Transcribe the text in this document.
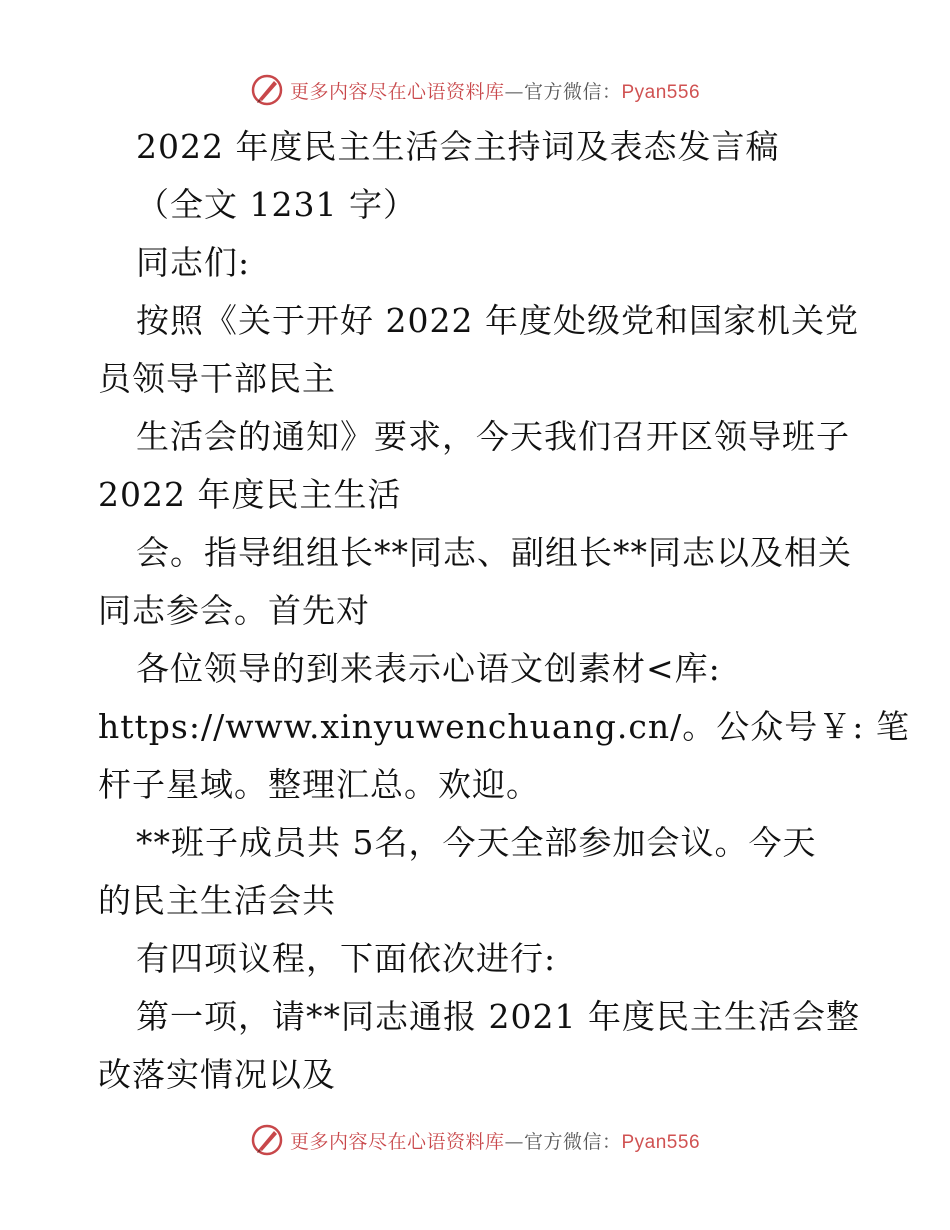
更多内容尽在心语资料库—官方微信：Pyan556
2022 年度民主生活会主持词及表态发言稿
（全文 1231 字）
同志们:
按照《关于开好 2022 年度处级党和国家机关党
员领导干部民主
生活会的通知》要求，今天我们召开区领导班子
2022 年度民主生活
会。指导组组长**同志、副组长**同志以及相关
同志参会。首先对
各位领导的到来表示心语文创素材<库:
https://www.xinyuwenchuang.cn/。公众号￥: 笔
杆子星域。整理汇总。欢迎。
**班子成员共 5名，今天全部参加会议。今天
的民主生活会共
有四项议程，下面依次进行:
第一项，请**同志通报 2021 年度民主生活会整
改落实情况以及
更多内容尽在心语资料库—官方微信：Pyan556
